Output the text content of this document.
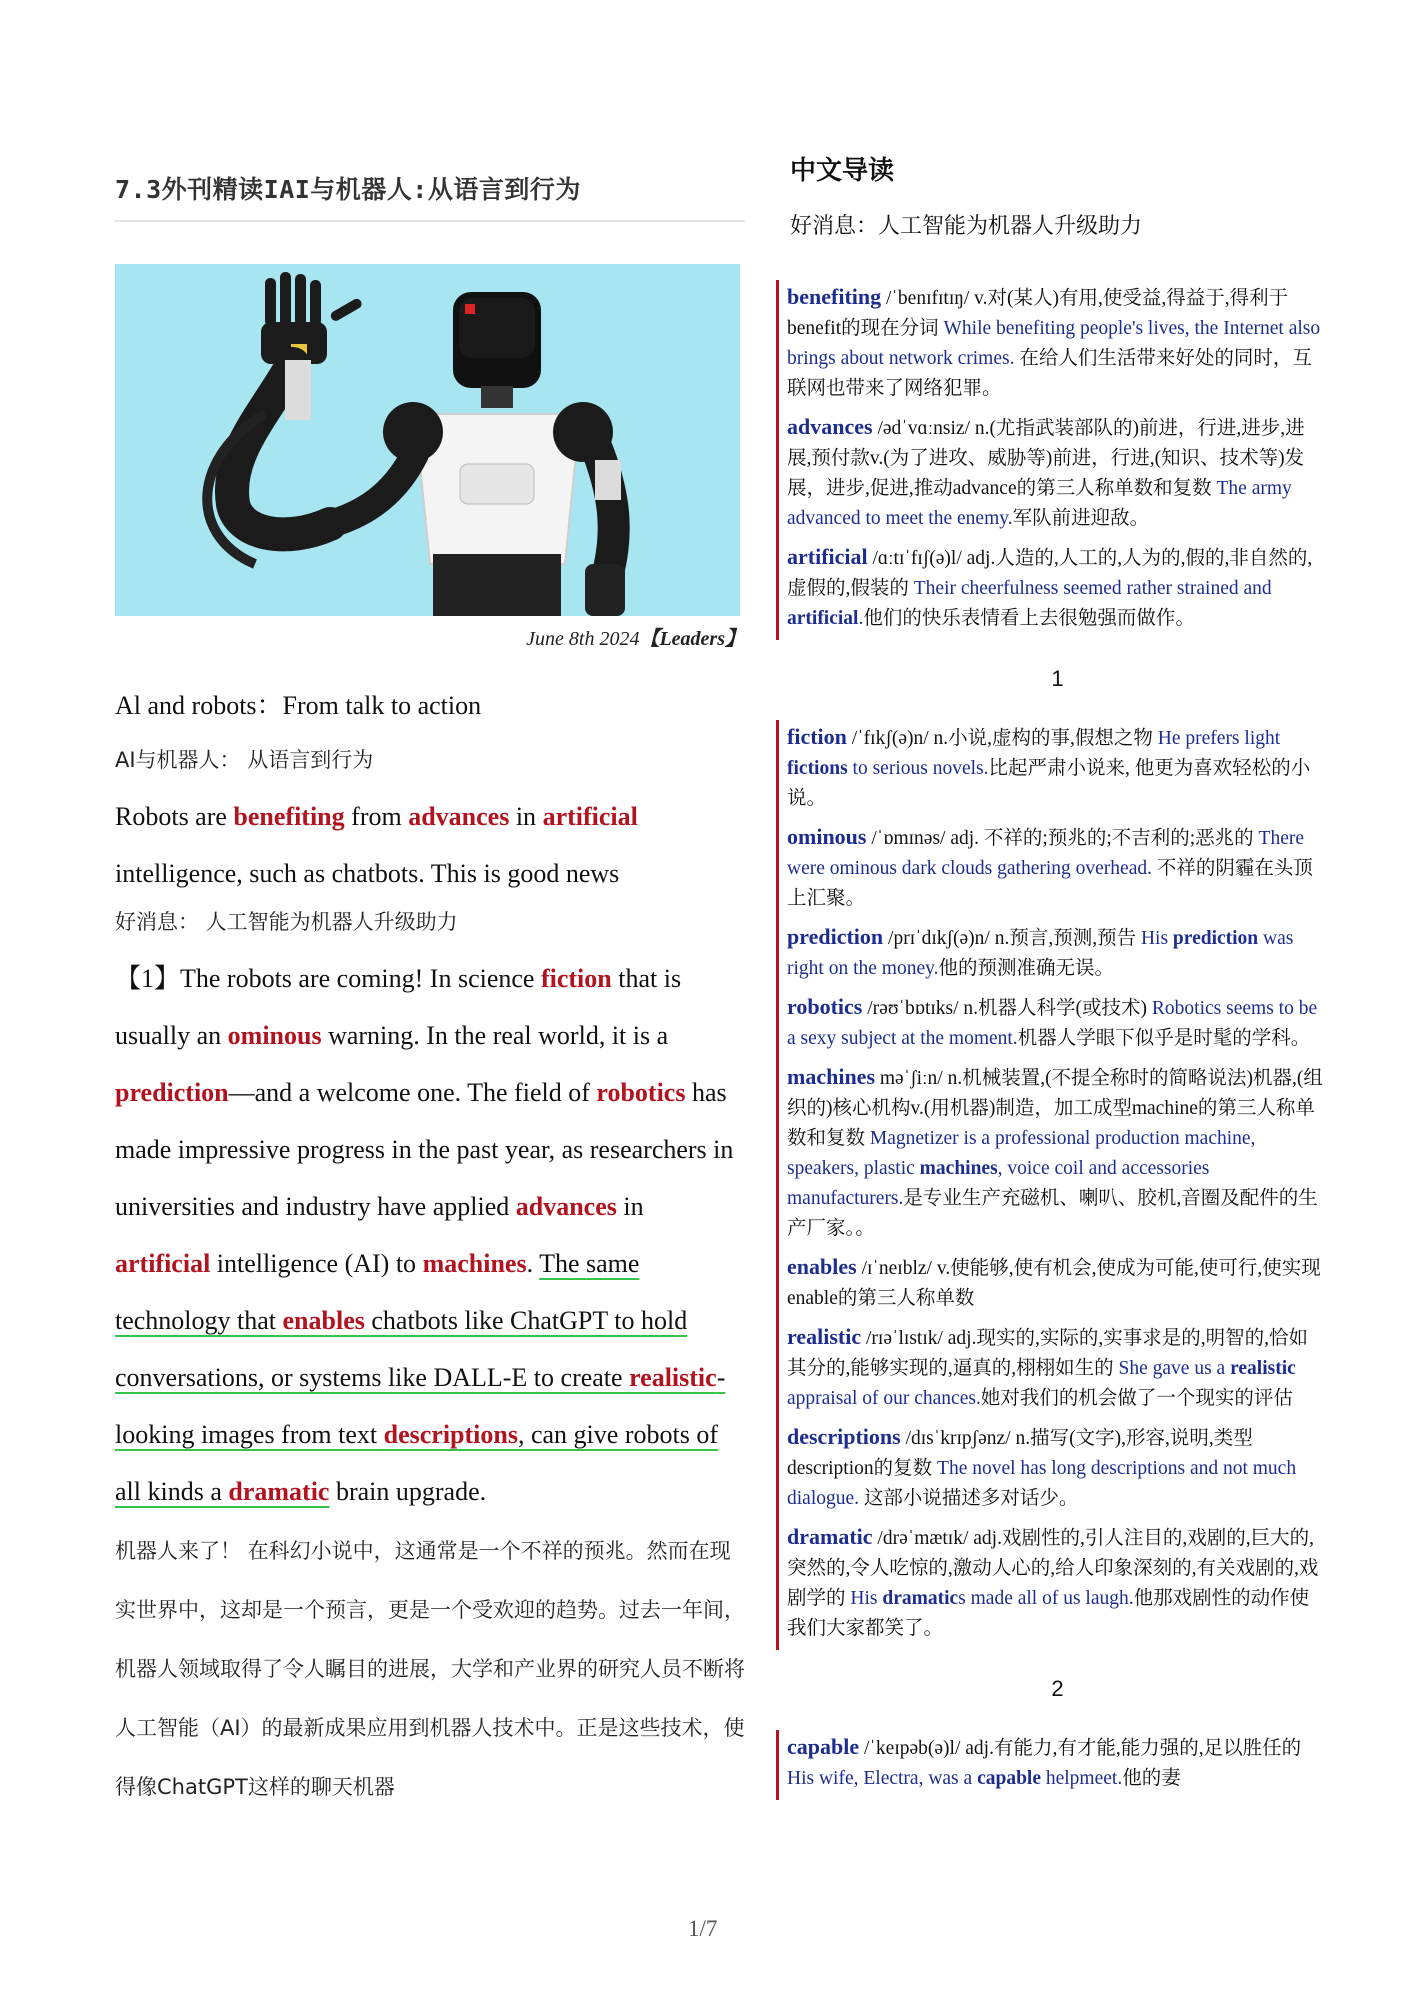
7.3外刊精读IAI与机器人:从语言到行为
June 8th 2024【Leaders】
Al and robots：From talk to action
AI与机器人： 从语言到行为
Robots are benefiting from advances in artificial intelligence, such as chatbots. This is good news
好消息： 人工智能为机器人升级助力
【1】The robots are coming! In science fiction that is usually an ominous warning. In the real world, it is a prediction—and a welcome one. The field of robotics has made impressive progress in the past year, as researchers in universities and industry have applied advances in artificial intelligence (AI) to machines. The same technology that enables chatbots like ChatGPT to hold conversations, or systems like DALL-E to create realistic-looking images from text descriptions, can give robots of all kinds a dramatic brain upgrade.
机器人来了！ 在科幻小说中，这通常是一个不祥的预兆。然而在现实世界中，这却是一个预言，更是一个受欢迎的趋势。过去一年间，机器人领域取得了令人瞩目的进展，大学和产业界的研究人员不断将人工智能（AI）的最新成果应用到机器人技术中。正是这些技术，使得像ChatGPT这样的聊天机器
1/7
中文导读
好消息：人工智能为机器人升级助力
benefiting /ˈbenɪfɪtɪŋ/ v.对(某人)有用,使受益,得益于,得利于benefit的现在分词 While benefiting people's lives, the Internet also brings about network crimes. 在给人们生活带来好处的同时，互联网也带来了网络犯罪。
advances /ədˈvɑːnsiz/ n.(尤指武装部队的)前进，行进,进步,进展,预付款v.(为了进攻、威胁等)前进，行进,(知识、技术等)发展，进步,促进,推动advance的第三人称单数和复数 The army advanced to meet the enemy.军队前进迎敌。
artificial /ɑːtɪˈfɪʃ(ə)l/ adj.人造的,人工的,人为的,假的,非自然的,虚假的,假装的 Their cheerfulness seemed rather strained and artificial.他们的快乐表情看上去很勉强而做作。
1
fiction /ˈfɪkʃ(ə)n/ n.小说,虚构的事,假想之物 He prefers light fictions to serious novels.比起严肃小说来, 他更为喜欢轻松的小说。
ominous /ˈɒmɪnəs/ adj. 不祥的;预兆的;不吉利的;恶兆的 There were ominous dark clouds gathering overhead. 不祥的阴霾在头顶上汇聚。
prediction /prɪˈdɪkʃ(ə)n/ n.预言,预测,预告 His prediction was right on the money.他的预测准确无误。
robotics /rəʊˈbɒtɪks/ n.机器人科学(或技术) Robotics seems to be a sexy subject at the moment.机器人学眼下似乎是时髦的学科。
machines məˈʃiːn/ n.机械装置,(不提全称时的简略说法)机器,(组织的)核心机构v.(用机器)制造，加工成型machine的第三人称单数和复数 Magnetizer is a professional production machine, speakers, plastic machines, voice coil and accessories manufacturers.是专业生产充磁机、喇叭、胶机,音圈及配件的生产厂家。。
enables /ɪˈneɪblz/ v.使能够,使有机会,使成为可能,使可行,使实现enable的第三人称单数
realistic /rɪəˈlɪstɪk/ adj.现实的,实际的,实事求是的,明智的,恰如其分的,能够实现的,逼真的,栩栩如生的 She gave us a realistic appraisal of our chances.她对我们的机会做了一个现实的评估
descriptions /dɪsˈkrɪpʃənz/ n.描写(文字),形容,说明,类型description的复数 The novel has long descriptions and not much dialogue. 这部小说描述多对话少。
dramatic /drəˈmætɪk/ adj.戏剧性的,引人注目的,戏剧的,巨大的,突然的,令人吃惊的,激动人心的,给人印象深刻的,有关戏剧的,戏剧学的 His dramatics made all of us laugh.他那戏剧性的动作使我们大家都笑了。
2
capable /ˈkeɪpəb(ə)l/ adj.有能力,有才能,能力强的,足以胜任的 His wife, Electra, was a capable helpmeet.他的妻
